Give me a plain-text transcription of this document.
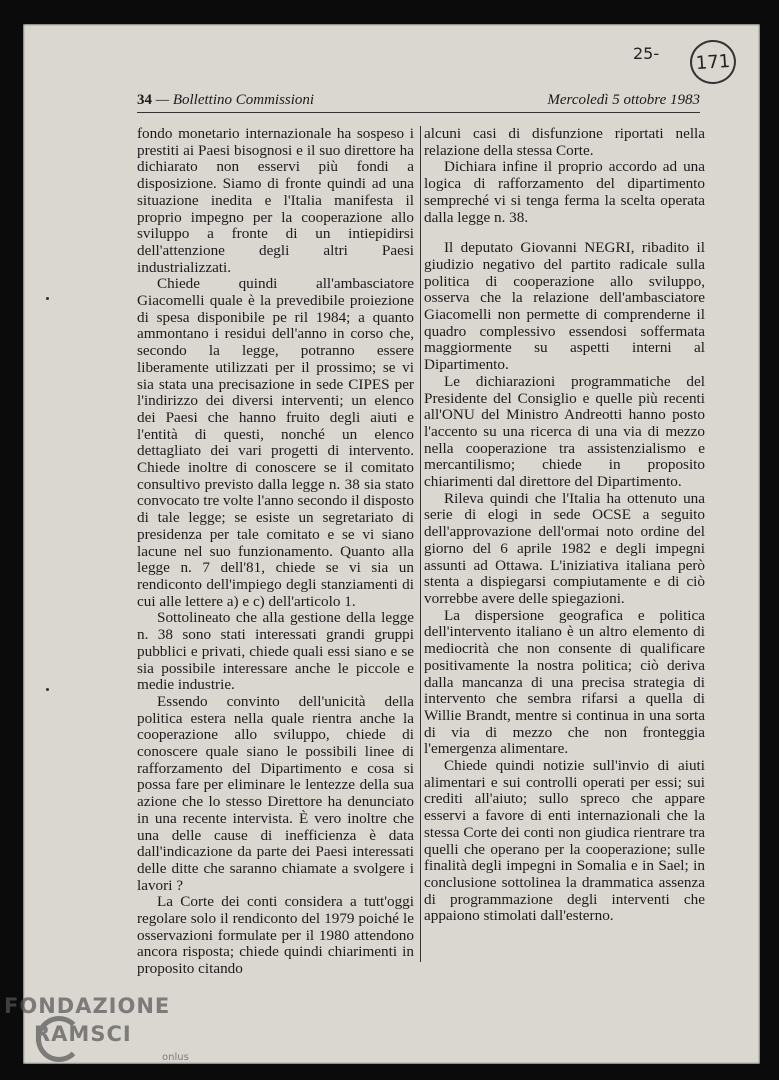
25- 171
34 — Bollettino Commissioni	Mercoledì 5 ottobre 1983

fondo monetario internazionale ha sospeso i prestiti ai Paesi bisognosi e il suo direttore ha dichiarato non esservi più fondi a disposizione. Siamo di fronte quindi ad una situazione inedita e l'Italia manifesta il proprio impegno per la cooperazione allo sviluppo a fronte di un intiepidirsi dell'attenzione degli altri Paesi industrializzati.

Chiede quindi all'ambasciatore Giacomelli quale è la prevedibile proiezione di spesa disponibile pe ril 1984; a quanto ammontano i residui dell'anno in corso che, secondo la legge, potranno essere liberamente utilizzati per il prossimo; se vi sia stata una precisazione in sede CIPES per l'indirizzo dei diversi interventi; un elenco dei Paesi che hanno fruito degli aiuti e l'entità di questi, nonché un elenco dettagliato dei vari progetti di intervento. Chiede inoltre di conoscere se il comitato consultivo previsto dalla legge n. 38 sia stato convocato tre volte l'anno secondo il disposto di tale legge; se esiste un segretariato di presidenza per tale comitato e se vi siano lacune nel suo funzionamento. Quanto alla legge n. 7 dell'81, chiede se vi sia un rendiconto dell'impiego degli stanziamenti di cui alle lettere a) e c) dell'articolo 1.

Sottolineato che alla gestione della legge n. 38 sono stati interessati grandi gruppi pubblici e privati, chiede quali essi siano e se sia possibile interessare anche le piccole e medie industrie.

Essendo convinto dell'unicità della politica estera nella quale rientra anche la cooperazione allo sviluppo, chiede di conoscere quale siano le possibili linee di rafforzamento del Dipartimento e cosa si possa fare per eliminare le lentezze della sua azione che lo stesso Direttore ha denunciato in una recente intervista. È vero inoltre che una delle cause di inefficienza è data dall'indicazione da parte dei Paesi interessati delle ditte che saranno chiamate a svolgere i lavori ?

La Corte dei conti considera a tutt'oggi regolare solo il rendiconto del 1979 poiché le osservazioni formulate per il 1980 attendono ancora risposta; chiede quindi chiarimenti in proposito citando

alcuni casi di disfunzione riportati nella relazione della stessa Corte.

Dichiara infine il proprio accordo ad una logica di rafforzamento del dipartimento sempreché vi si tenga ferma la scelta operata dalla legge n. 38.

Il deputato Giovanni NEGRI, ribadito il giudizio negativo del partito radicale sulla politica di cooperazione allo sviluppo, osserva che la relazione dell'ambasciatore Giacomelli non permette di comprenderne il quadro complessivo essendosi soffermata maggiormente su aspetti interni al Dipartimento.

Le dichiarazioni programmatiche del Presidente del Consiglio e quelle più recenti all'ONU del Ministro Andreotti hanno posto l'accento su una ricerca di una via di mezzo nella cooperazione tra assistenzialismo e mercantilismo; chiede in proposito chiarimenti dal direttore del Dipartimento.

Rileva quindi che l'Italia ha ottenuto una serie di elogi in sede OCSE a seguito dell'approvazione dell'ormai noto ordine del giorno del 6 aprile 1982 e degli impegni assunti ad Ottawa. L'iniziativa italiana però stenta a dispiegarsi compiutamente e di ciò vorrebbe avere delle spiegazioni.

La dispersione geografica e politica dell'intervento italiano è un altro elemento di mediocrità che non consente di qualificare positivamente la nostra politica; ciò deriva dalla mancanza di una precisa strategia di intervento che sembra rifarsi a quella di Willie Brandt, mentre si continua in una sorta di via di mezzo che non fronteggia l'emergenza alimentare.

Chiede quindi notizie sull'invio di aiuti alimentari e sui controlli operati per essi; sui crediti all'aiuto; sullo spreco che appare esservi a favore di enti internazionali che la stessa Corte dei conti non giudica rientrare tra quelli che operano per la cooperazione; sulle finalità degli impegni in Somalia e in Sael; in conclusione sottolinea la drammatica assenza di programmazione degli interventi che appaiono stimolati dall'esterno.

FONDAZIONE
RAMSCI
onlus
